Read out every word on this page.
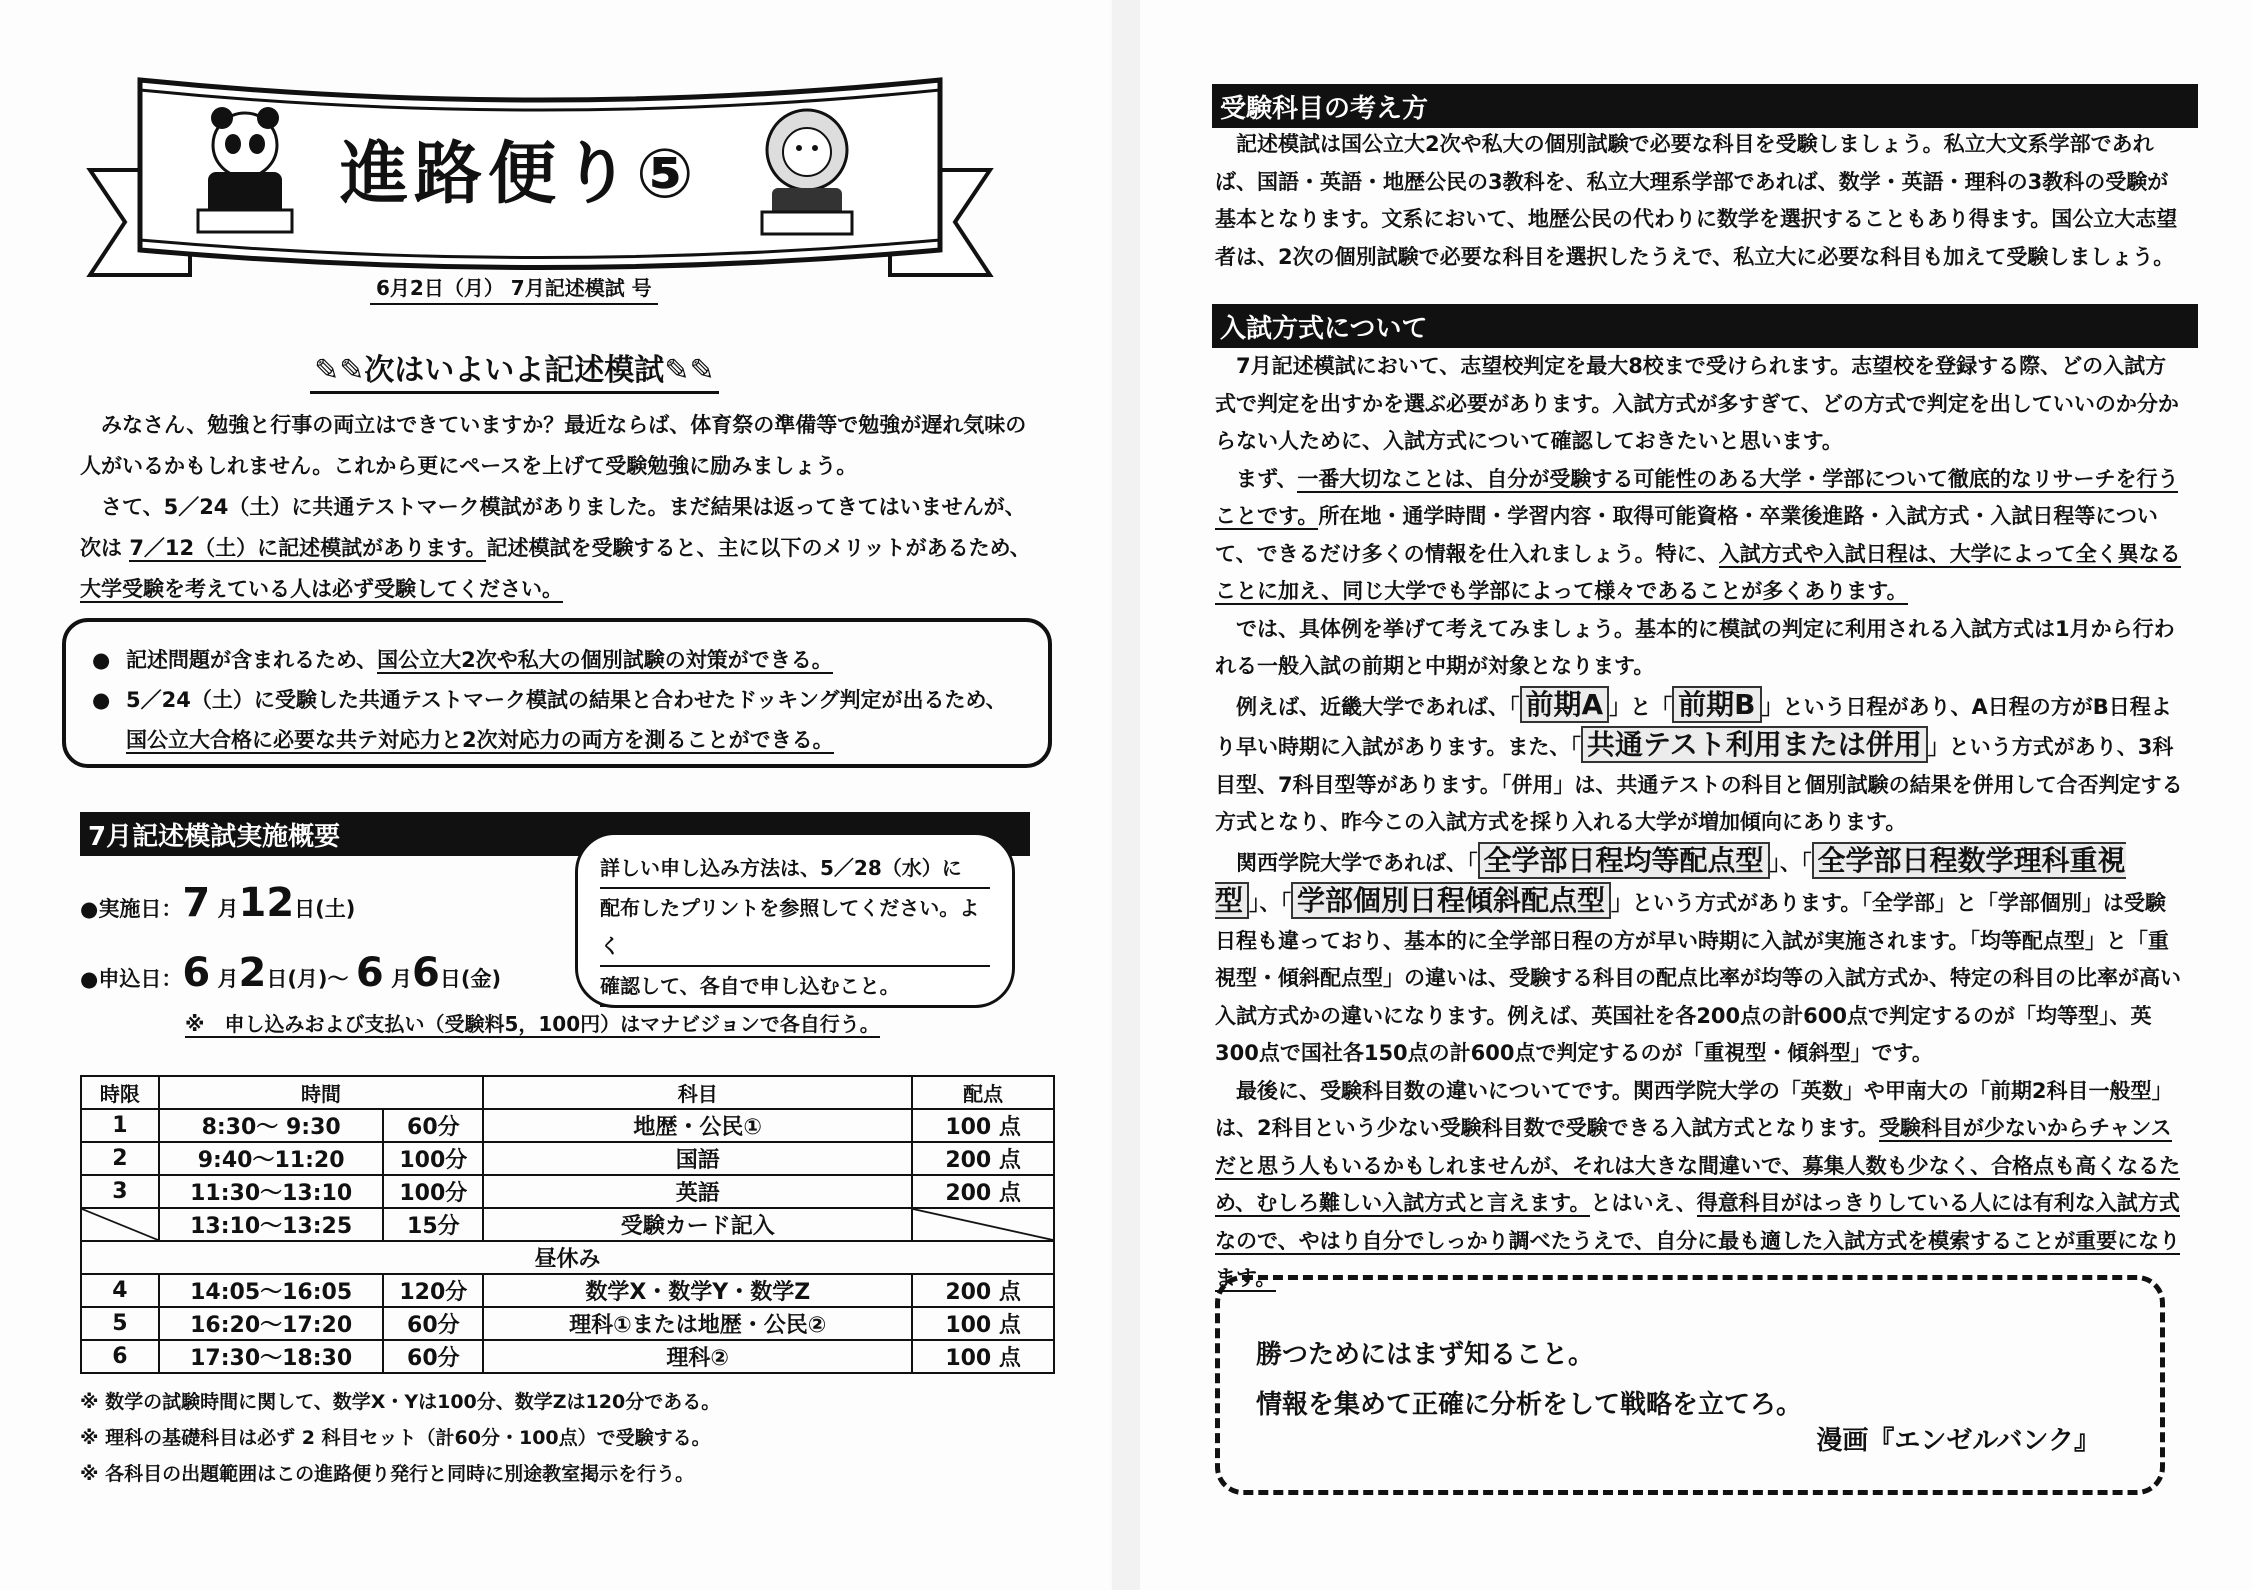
進路便り⑤
6月2日（月） 7月記述模試 号
✎✎次はいよいよ記述模試✎✎
みなさん、勉強と行事の両立はできていますか？最近ならば、体育祭の準備等で勉強が遅れ気味の人がいるかもしれません。これから更にペースを上げて受験勉強に励みましょう。
さて、5／24（土）に共通テストマーク模試がありました。まだ結果は返ってきてはいませんが、次は 7／12（土）に記述模試があります。記述模試を受験すると、主に以下のメリットがあるため、大学受験を考えている人は必ず受験してください。
● 記述問題が含まれるため、国公立大2次や私大の個別試験の対策ができる。
● 5／24（土）に受験した共通テストマーク模試の結果と合わせたドッキング判定が出るため、国公立大合格に必要な共テ対応力と2次対応力の両方を測ることができる。
7月記述模試実施概要
詳しい申し込み方法は、5／28（水）に
配布したプリントを参照してください。よく
確認して、各自で申し込むこと。
●実施日：7 月12日(土)
●申込日：6 月2日(月)～ 6 月6日(金)
※　申し込みおよび支払い（受験料5，100円）はマナビジョンで各自行う。
時限	時間		科目	配点
1	8:30～ 9:30	60分	地歴・公民①	100 点
2	9:40～11:20	100分	国語	200 点
3	11:30～13:10	100分	英語	200 点
	13:10～13:25	15分	受験カード記入	
昼休み				
4	14:05～16:05	120分	数学X・数学Y・数学Z	200 点
5	16:20～17:20	60分	理科①または地歴・公民②	100 点
6	17:30～18:30	60分	理科②	100 点
※ 数学の試験時間に関して、数学X・Yは100分、数学Zは120分である。
※ 理科の基礎科目は必ず 2 科目セット（計60分・100点）で受験する。
※ 各科目の出題範囲はこの進路便り発行と同時に別途教室掲示を行う。
受験科目の考え方
記述模試は国公立大2次や私大の個別試験で必要な科目を受験しましょう。私立大文系学部であれば、国語・英語・地歴公民の3教科を、私立大理系学部であれば、数学・英語・理科の3教科の受験が基本となります。文系において、地歴公民の代わりに数学を選択することもあり得ます。国公立大志望者は、2次の個別試験で必要な科目を選択したうえで、私立大に必要な科目も加えて受験しましょう。
入試方式について
7月記述模試において、志望校判定を最大8校まで受けられます。志望校を登録する際、どの入試方式で判定を出すかを選ぶ必要があります。入試方式が多すぎて、どの方式で判定を出していいのか分からない人ために、入試方式について確認しておきたいと思います。
まず、一番大切なことは、自分が受験する可能性のある大学・学部について徹底的なリサーチを行うことです。所在地・通学時間・学習内容・取得可能資格・卒業後進路・入試方式・入試日程等について、できるだけ多くの情報を仕入れましょう。特に、入試方式や入試日程は、大学によって全く異なることに加え、同じ大学でも学部によって様々であることが多くあります。
では、具体例を挙げて考えてみましょう。基本的に模試の判定に利用される入試方式は1月から行われる一般入試の前期と中期が対象となります。
例えば、近畿大学であれば、「 前期A 」と「 前期B 」という日程があり、A日程の方がB日程より早い時期に入試があります。また、「 共通テスト利用または併用 」という方式があり、3科目型、7科目型等があります。「併用」は、共通テストの科目と個別試験の結果を併用して合否判定する方式となり、昨今この入試方式を採り入れる大学が増加傾向にあります。
関西学院大学であれば、「 全学部日程均等配点型 」、「 全学部日程数学理科重視型 」、「 学部個別日程傾斜配点型 」という方式があります。「全学部」と「学部個別」は受験日程も違っており、基本的に全学部日程の方が早い時期に入試が実施されます。「均等配点型」と「重視型・傾斜配点型」の違いは、受験する科目の配点比率が均等の入試方式か、特定の科目の比率が高い入試方式かの違いになります。例えば、英国社を各200点の計600点で判定するのが「均等型」、英300点で国社各150点の計600点で判定するのが「重視型・傾斜型」です。
最後に、受験科目数の違いについてです。関西学院大学の「英数」や甲南大の「前期2科目一般型」は、2科目という少ない受験科目数で受験できる入試方式となります。受験科目が少ないからチャンスだと思う人もいるかもしれませんが、それは大きな間違いで、募集人数も少なく、合格点も高くなるため、むしろ難しい入試方式と言えます。とはいえ、得意科目がはっきりしている人には有利な入試方式なので、やはり自分でしっかり調べたうえで、自分に最も適した入試方式を模索することが重要になります。
勝つためにはまず知ること。
情報を集めて正確に分析をして戦略を立てろ。
漫画『エンゼルバンク』
